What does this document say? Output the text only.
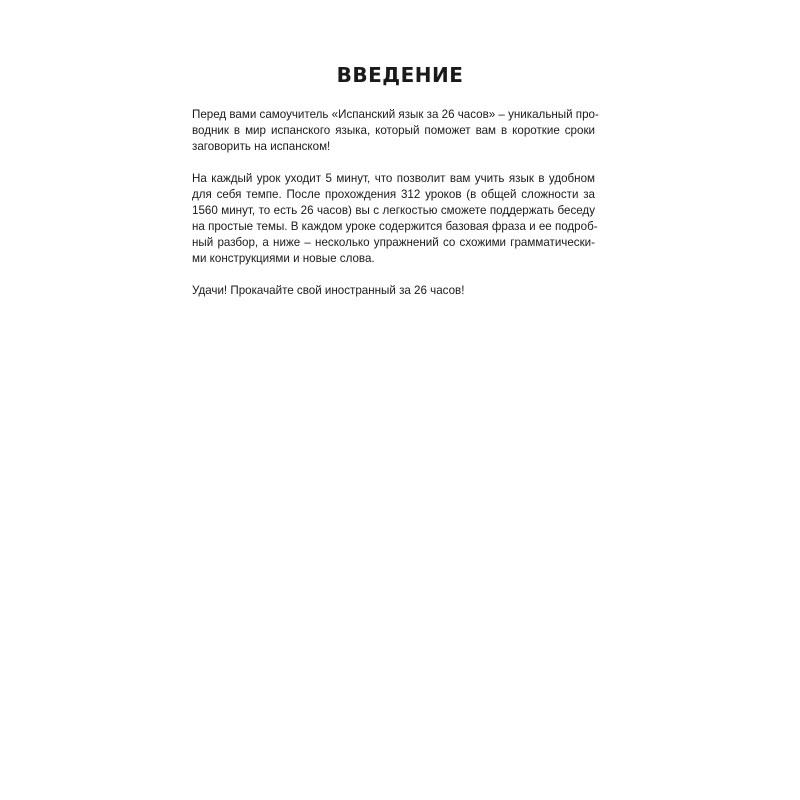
ВВЕДЕНИЕ

Перед вами самоучитель «Испанский язык за 26 часов» – уникальный про-
водник в мир испанского языка, который поможет вам в короткие сроки
заговорить на испанском!

На каждый урок уходит 5 минут, что позволит вам учить язык в удобном
для себя темпе. После прохождения 312 уроков (в общей сложности за
1560 минут, то есть 26 часов) вы с легкостью сможете поддержать беседу
на простые темы. В каждом уроке содержится базовая фраза и ее подроб-
ный разбор, а ниже – несколько упражнений со схожими грамматически-
ми конструкциями и новые слова.

Удачи! Прокачайте свой иностранный за 26 часов!
